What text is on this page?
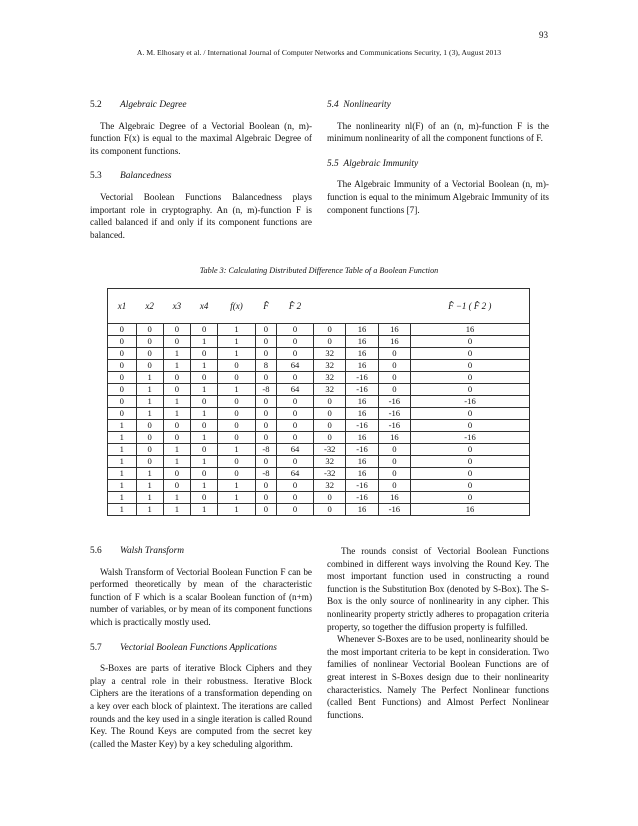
93
A. M. Elhosary et al. / International Journal of Computer Networks and Communications Security, 1 (3), August 2013
5.2 Algebraic Degree

The Algebraic Degree of a Vectorial Boolean (n, m)-function F(x) is equal to the maximal Algebraic Degree of its component functions.

5.3 Balancedness

Vectorial Boolean Functions Balancedness plays important role in cryptography. An (n, m)-function F is called balanced if and only if its component functions are balanced.

5.4 Nonlinearity

The nonlinearity nl(F) of an (n, m)-function F is the minimum nonlinearity of all the component functions of F.

5.5 Algebraic Immunity

The Algebraic Immunity of a Vectorial Boolean (n, m)-function is equal to the minimum Algebraic Immunity of its component functions [7].

Table 3: Calculating Distributed Difference Table of a Boolean Function
x1	x2	x3	x4	f(x)	F̂	F̂ 2				F̂ −1 ( F̂ 2 )
0	0	0	0	1	0	0	0	16	16	16
0	0	0	1	1	0	0	0	16	16	0
0	0	1	0	1	0	0	32	16	0	0
0	0	1	1	0	8	64	32	16	0	0
0	1	0	0	0	0	0	32	-16	0	0
0	1	0	1	1	-8	64	32	-16	0	0
0	1	1	0	0	0	0	0	16	-16	-16
0	1	1	1	0	0	0	0	16	-16	0
1	0	0	0	0	0	0	0	-16	-16	0
1	0	0	1	0	0	0	0	16	16	-16
1	0	1	0	1	-8	64	-32	-16	0	0
1	0	1	1	0	0	0	32	16	0	0
1	1	0	0	0	-8	64	-32	16	0	0
1	1	0	1	1	0	0	32	-16	0	0
1	1	1	0	1	0	0	0	-16	16	0
1	1	1	1	1	0	0	0	16	-16	16
5.6 Walsh Transform

Walsh Transform of Vectorial Boolean Function F can be performed theoretically by mean of the characteristic function of F which is a scalar Boolean function of (n+m) number of variables, or by mean of its component functions which is practically mostly used.

5.7 Vectorial Boolean Functions Applications

S-Boxes are parts of iterative Block Ciphers and they play a central role in their robustness. Iterative Block Ciphers are the iterations of a transformation depending on a key over each block of plaintext. The iterations are called rounds and the key used in a single iteration is called Round Key. The Round Keys are computed from the secret key (called the Master Key) by a key scheduling algorithm.

The rounds consist of Vectorial Boolean Functions combined in different ways involving the Round Key. The most important function used in constructing a round function is the Substitution Box (denoted by S-Box). The S-Box is the only source of nonlinearity in any cipher. This nonlinearity property strictly adheres to propagation criteria property, so together the diffusion property is fulfilled.

Whenever S-Boxes are to be used, nonlinearity should be the most important criteria to be kept in consideration. Two families of nonlinear Vectorial Boolean Functions are of great interest in S-Boxes design due to their nonlinearity characteristics. Namely The Perfect Nonlinear functions (called Bent Functions) and Almost Perfect Nonlinear functions.
